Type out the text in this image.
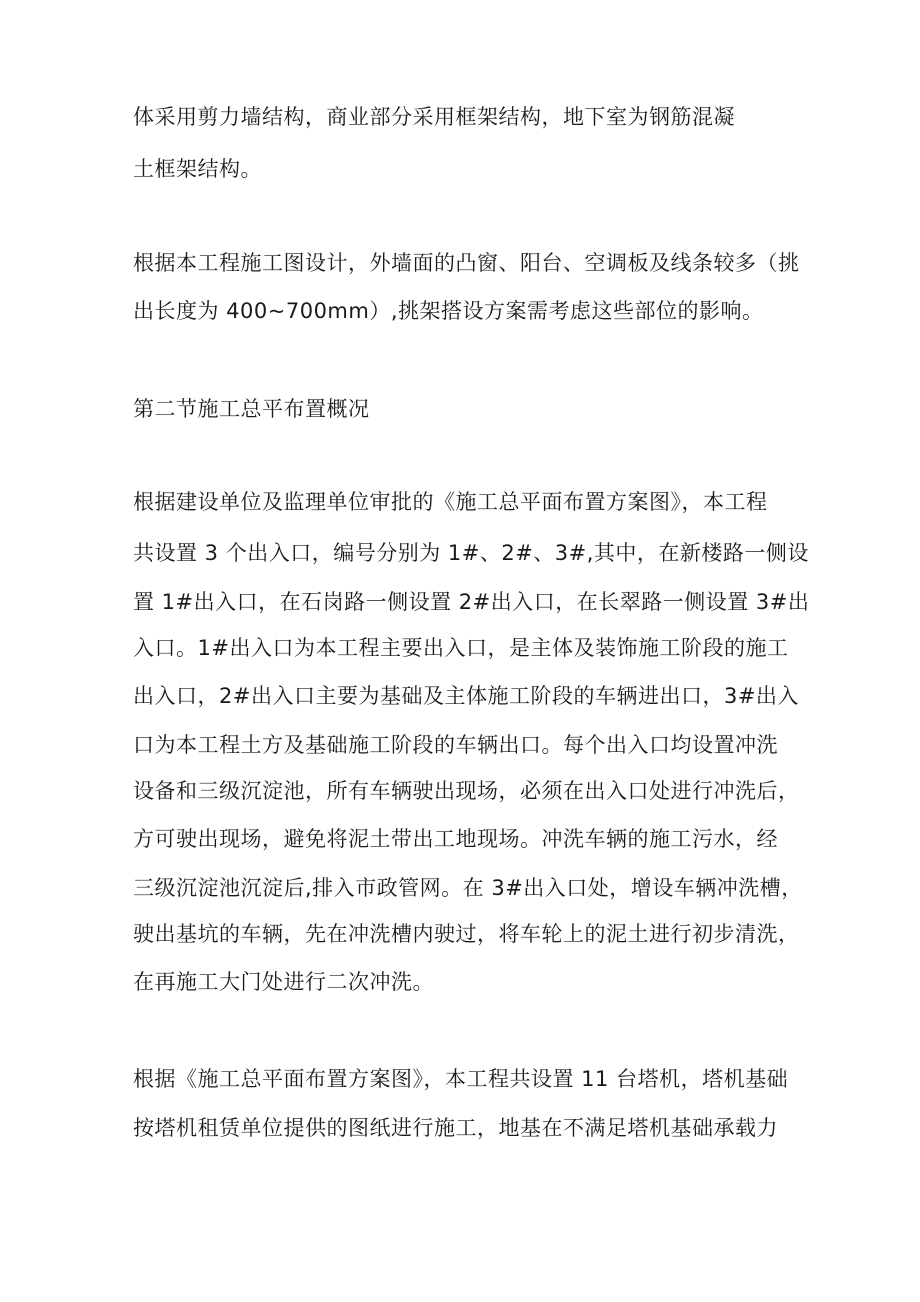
体采用剪力墙结构，商业部分采用框架结构，地下室为钢筋混凝
土框架结构。
根据本工程施工图设计，外墙面的凸窗、阳台、空调板及线条较多（挑
出长度为 400~700mm）,挑架搭设方案需考虑这些部位的影响。
第二节施工总平布置概况
根据建设单位及监理单位审批的《施工总平面布置方案图》，本工程
共设置 3 个出入口，编号分别为 1#、2#、3#,其中，在新楼路一侧设
置 1#出入口，在石岗路一侧设置 2#出入口，在长翠路一侧设置 3#出
入口。1#出入口为本工程主要出入口，是主体及装饰施工阶段的施工
出入口，2#出入口主要为基础及主体施工阶段的车辆进出口，3#出入
口为本工程土方及基础施工阶段的车辆出口。每个出入口均设置冲洗
设备和三级沉淀池，所有车辆驶出现场，必须在出入口处进行冲洗后，
方可驶出现场，避免将泥土带出工地现场。冲洗车辆的施工污水，经
三级沉淀池沉淀后,排入市政管网。在 3#出入口处，增设车辆冲洗槽，
驶出基坑的车辆，先在冲洗槽内驶过，将车轮上的泥土进行初步清洗，
在再施工大门处进行二次冲洗。
根据《施工总平面布置方案图》，本工程共设置 11 台塔机，塔机基础
按塔机租赁单位提供的图纸进行施工，地基在不满足塔机基础承载力
